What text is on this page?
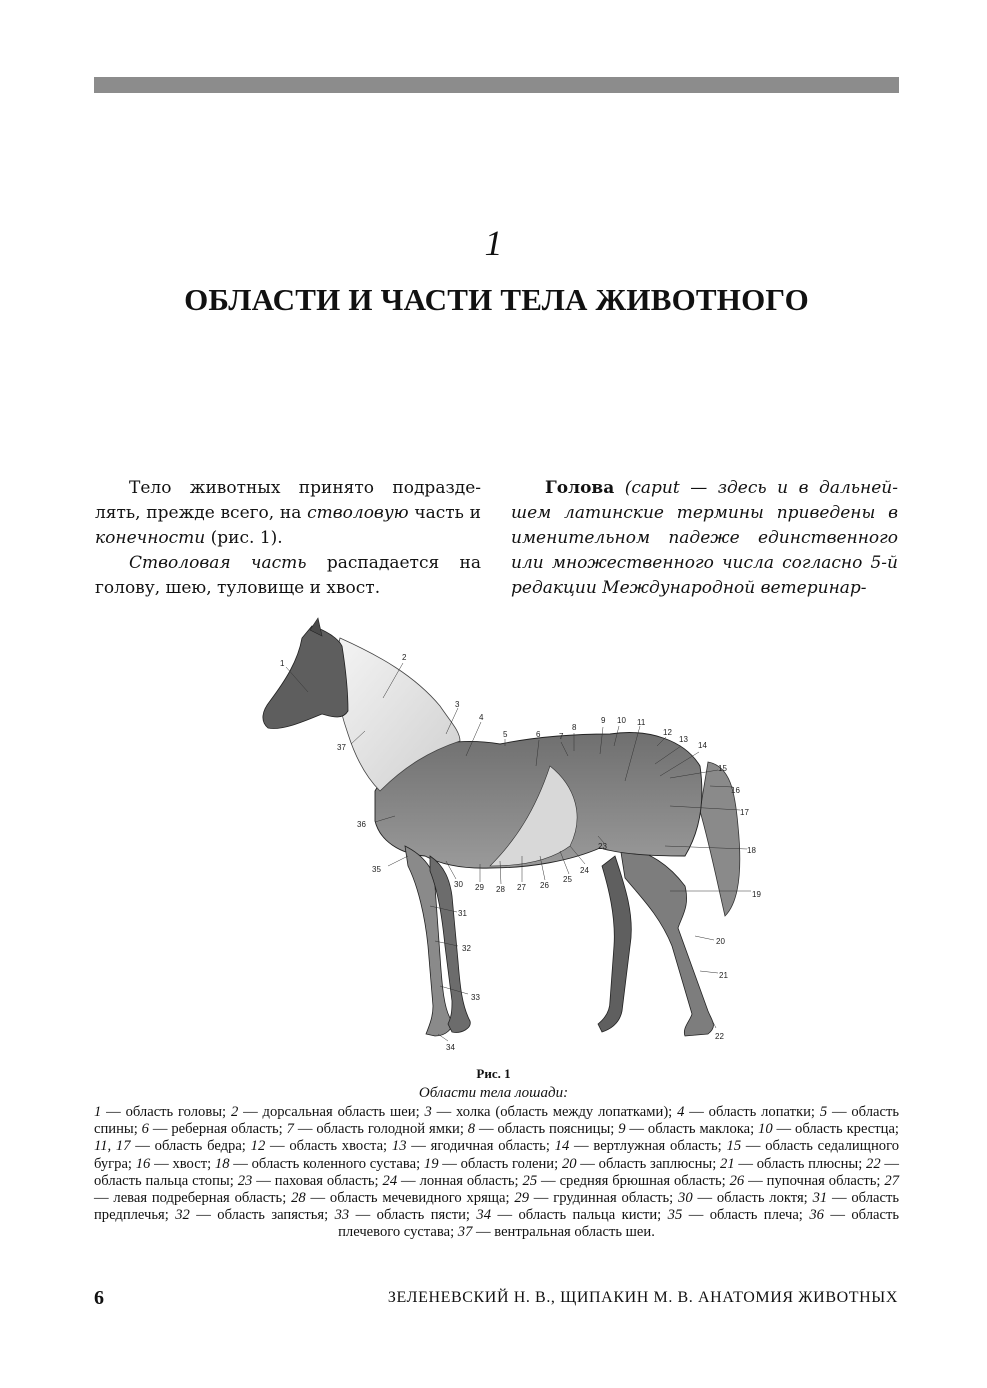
1
ОБЛАСТИ И ЧАСТИ ТЕЛА ЖИВОТНОГО

Тело животных принято подразде-лять, прежде всего, на стволовую часть и конечности (рис. 1).

Стволовая часть распадается на голову, шею, туловище и хвост.

Голова (caput — здесь и в дальней-шем латинские термины приведены в именительном падеже единственного или множественного числа согласно 5-й редакции Международной ветеринар-

1
2
3
4
5	6 7
8
9 10 11
12
13
14
15
16
17
18
19
20
21
22
23
24
25
26
27
28
29
30
31
32
33
34
35
36
37
Рис. 1
Области тела лошади:
1 — область головы; 2 — дорсальная область шеи; 3 — холка (область между лопатками); 4 — область лопатки; 5 — область спины; 6 — реберная область; 7 — область голодной ямки; 8 — область поясницы; 9 — область маклока; 10 — область крестца; 11, 17 — область бедра; 12 — область хвоста; 13 — ягодичная область; 14 — вертлужная область; 15 — область седалищного бугра; 16 — хвост; 18 — область коленного сустава; 19 — область голени; 20 — область заплюсны; 21 — область плюсны; 22 — область пальца стопы; 23 — паховая область; 24 — лонная область; 25 — средняя брюшная область; 26 — пупочная область; 27 — левая подреберная область; 28 — область мечевидного хряща; 29 — грудинная область; 30 — область локтя; 31 — область предплечья; 32 — область запястья; 33 — область пясти; 34 — область пальца кисти; 35 — область плеча; 36 — область плечевого сустава; 37 — вентральная область шеи.
6	ЗЕЛЕНЕВСКИЙ Н. В., ЩИПАКИН М. В. АНАТОМИЯ ЖИВОТНЫХ
